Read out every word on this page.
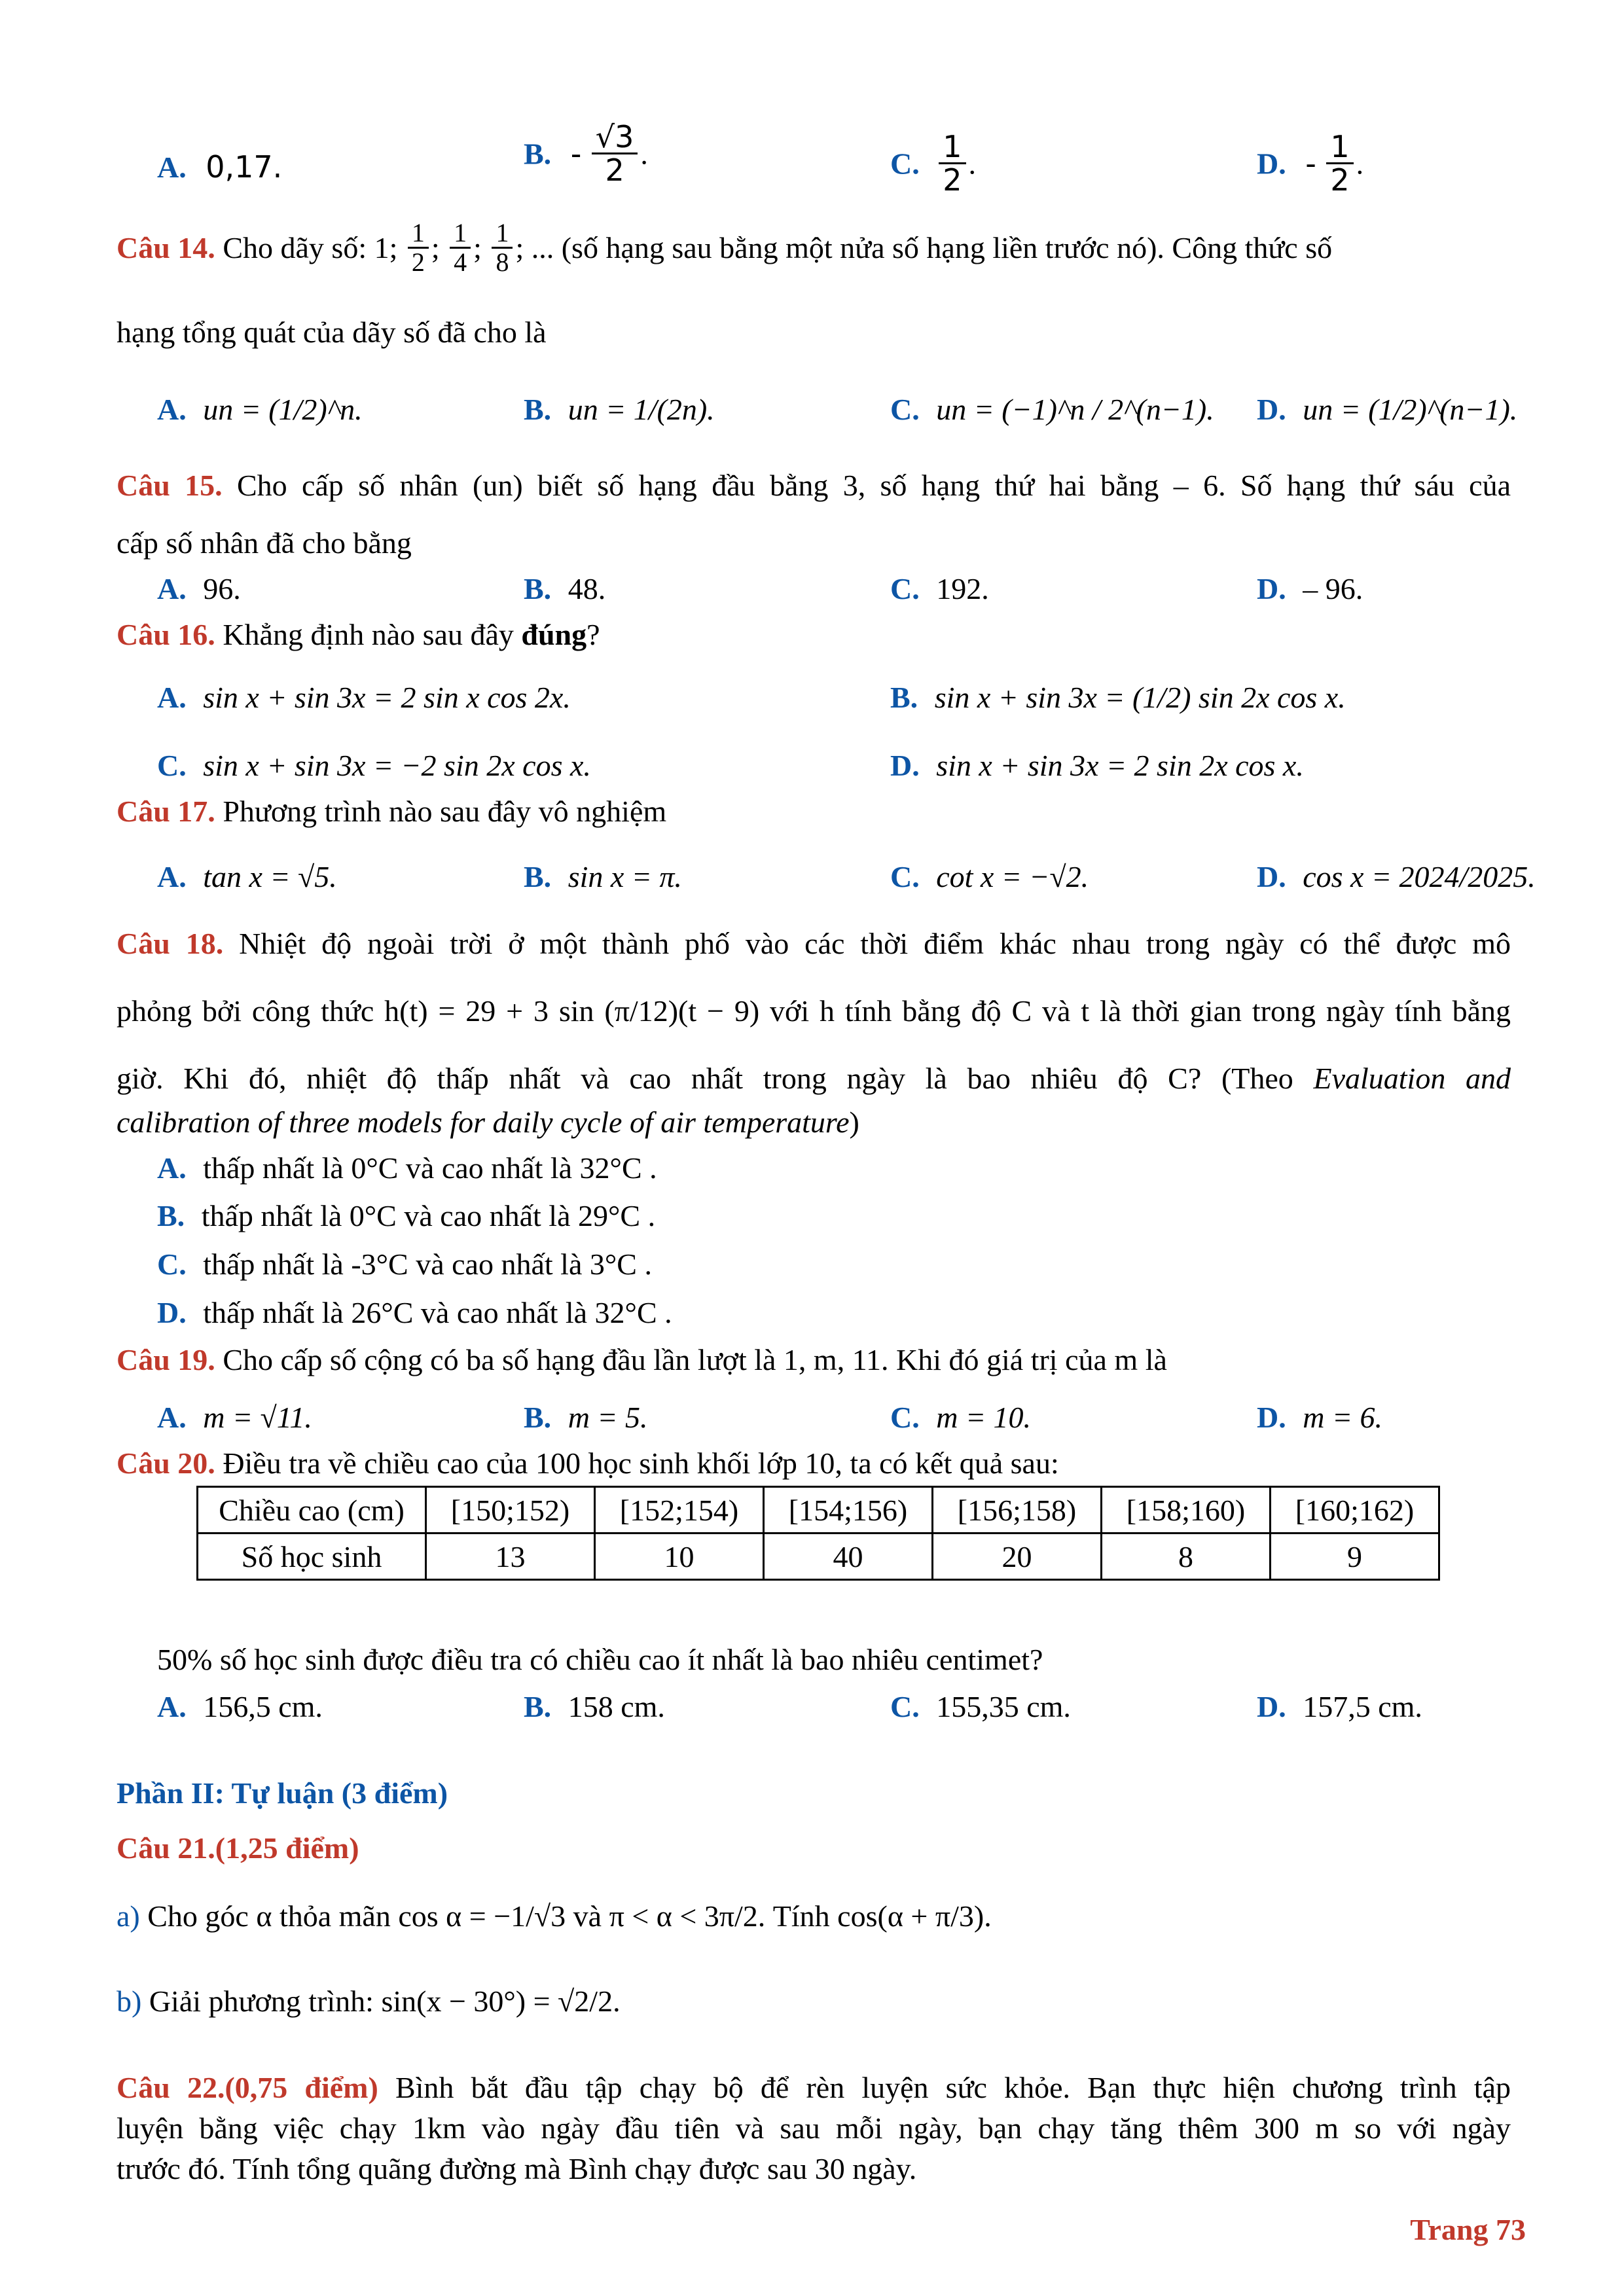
A. 0,17.	B. - $\frac{√3}{2}$ .	C. $\frac{1}{2}$ .	D. - $\frac{1}{2}$ .
Câu 14. Cho dãy số: 1; $\frac{1}{2}$ ; $\frac{1}{4}$ ; $\frac{1}{8}$ ; ... (số hạng sau bằng một nửa số hạng liền trước nó). Công thức số
hạng tổng quát của dãy số đã cho là
A. un = (1/2)^n.	B. un = 1/(2n).	C. un = (−1)^n / 2^(n−1). D. un = (1/2)^(n−1).
Câu 15. Cho cấp số nhân (un) biết số hạng đầu bằng 3, số hạng thứ hai bằng – 6. Số hạng thứ sáu của
cấp số nhân đã cho bằng
A. 96.	B. 48.	C. 192.	D. – 96.
Câu 16. Khẳng định nào sau đây đúng?
A. sin x + sin 3x = 2 sin x cos 2x.	B. sin x + sin 3x = (1/2) sin 2x cos x.
C. sin x + sin 3x = −2 sin 2x cos x.	D. sin x + sin 3x = 2 sin 2x cos x.
Câu 17. Phương trình nào sau đây vô nghiệm
A. tan x = √5.	B. sin x = π.	C. cot x = −√2.	D. cos x = 2024/2025.
Câu 18. Nhiệt độ ngoài trời ở một thành phố vào các thời điểm khác nhau trong ngày có thể được mô
phỏng bởi công thức h(t) = 29 + 3 sin (π/12)(t − 9) với h tính bằng độ C và t là thời gian trong ngày tính bằng
giờ. Khi đó, nhiệt độ thấp nhất và cao nhất trong ngày là bao nhiêu độ C? (Theo Evaluation and
calibration of three models for daily cycle of air temperature)
A. thấp nhất là 0°C và cao nhất là 32°C .
B. thấp nhất là 0°C và cao nhất là 29°C .
C. thấp nhất là -3°C và cao nhất là 3°C .
D. thấp nhất là 26°C và cao nhất là 32°C .
Câu 19. Cho cấp số cộng có ba số hạng đầu lần lượt là 1, m, 11. Khi đó giá trị của m là
A. m = √11.	B. m = 5.	C. m = 10.	D. m = 6.
Câu 20. Điều tra về chiều cao của 100 học sinh khối lớp 10, ta có kết quả sau:
Chiều cao (cm)	[150;152)	[152;154)	[154;156)	[156;158)	[158;160)	[160;162)
Số học sinh	13	10	40	20	8	9
50% số học sinh được điều tra có chiều cao ít nhất là bao nhiêu centimet?
A. 156,5 cm.	B. 158 cm.	C. 155,35 cm.	D. 157,5 cm.
Phần II: Tự luận (3 điểm)
Câu 21.(1,25 điểm)
a) Cho góc α thỏa mãn cos α = −1/√3 và π < α < 3π/2. Tính cos(α + π/3).
b) Giải phương trình: sin(x − 30°) = √2/2.
Câu 22.(0,75 điểm) Bình bắt đầu tập chạy bộ để rèn luyện sức khỏe. Bạn thực hiện chương trình tập
luyện bằng việc chạy 1km vào ngày đầu tiên và sau mỗi ngày, bạn chạy tăng thêm 300 m so với ngày
trước đó. Tính tổng quãng đường mà Bình chạy được sau 30 ngày.
Trang 73
